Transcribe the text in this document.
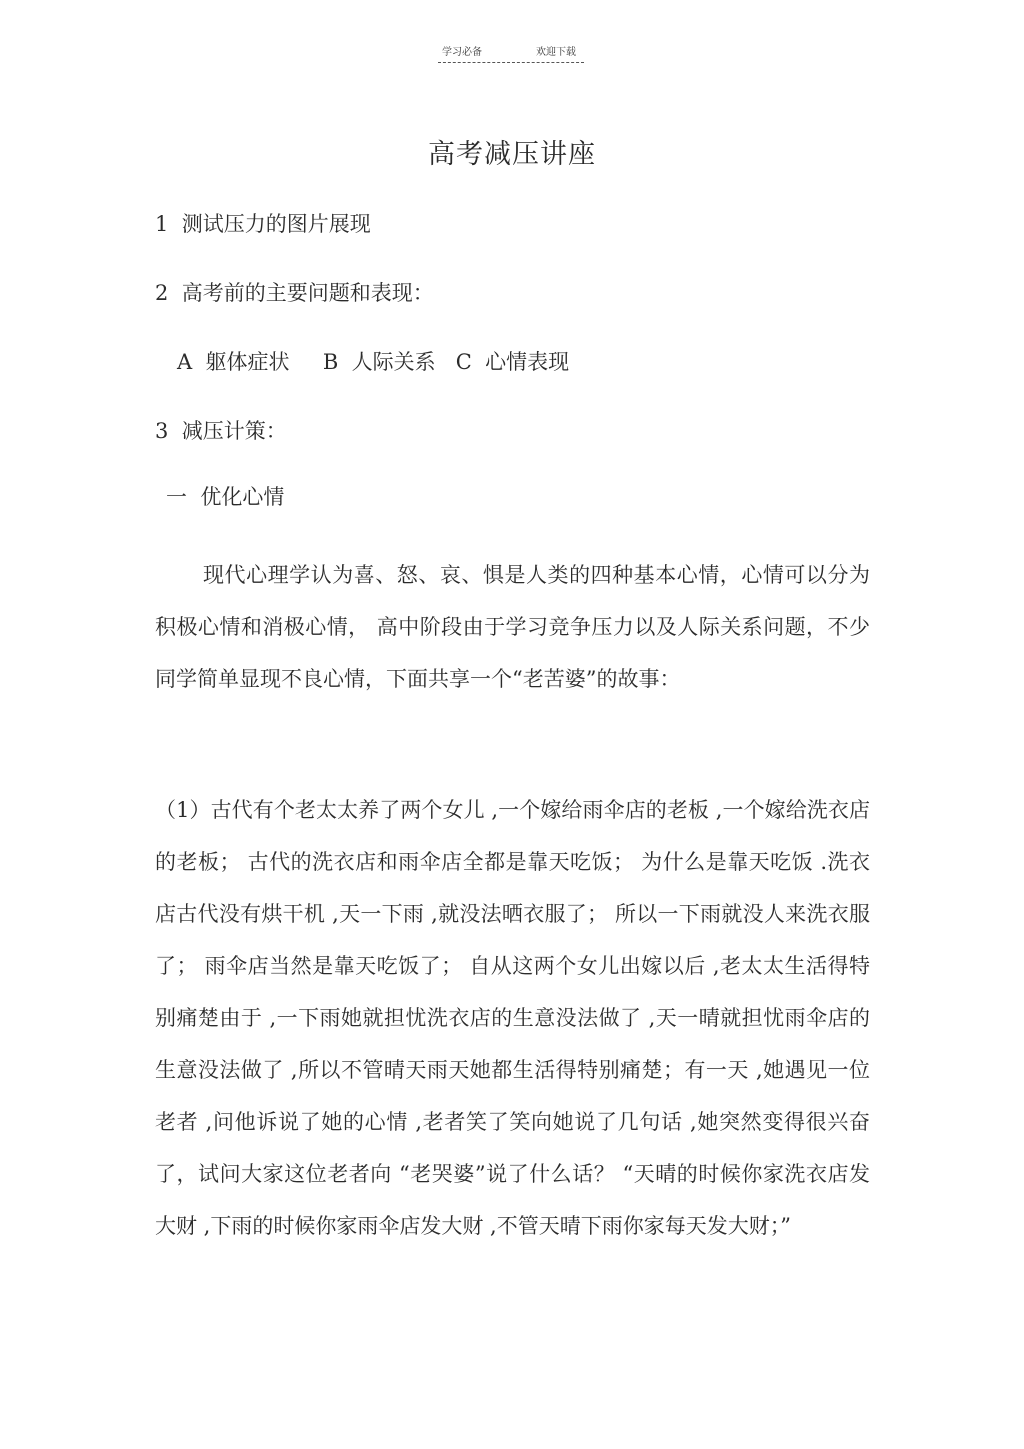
学习必备	欢迎下载
高考减压讲座
1  测试压力的图片展现
2  高考前的主要问题和表现：
A  躯体症状     B  人际关系   C  心情表现
3  减压计策：
一  优化心情
现代心理学认为喜、怒、哀、惧是人类的四种基本心情，心情可以分为积极心情和消极心情， 高中阶段由于学习竞争压力以及人际关系问题，不少同学简单显现不良心情，下面共享一个“老苦婆”的故事：
（1）古代有个老太太养了两个女儿 ,一个嫁给雨伞店的老板 ,一个嫁给洗衣店的老板； 古代的洗衣店和雨伞店全都是靠天吃饭； 为什么是靠天吃饭 .洗衣店古代没有烘干机 ,天一下雨 ,就没法晒衣服了； 所以一下雨就没人来洗衣服了； 雨伞店当然是靠天吃饭了； 自从这两个女儿出嫁以后 ,老太太生活得特别痛楚由于 ,一下雨她就担忧洗衣店的生意没法做了 ,天一晴就担忧雨伞店的生意没法做了 ,所以不管晴天雨天她都生活得特别痛楚；有一天 ,她遇见一位老者 ,问他诉说了她的心情 ,老者笑了笑向她说了几句话 ,她突然变得很兴奋了，试问大家这位老者向 “老哭婆”说了什么话？ “天晴的时候你家洗衣店发大财 ,下雨的时候你家雨伞店发大财 ,不管天晴下雨你家每天发大财；”
